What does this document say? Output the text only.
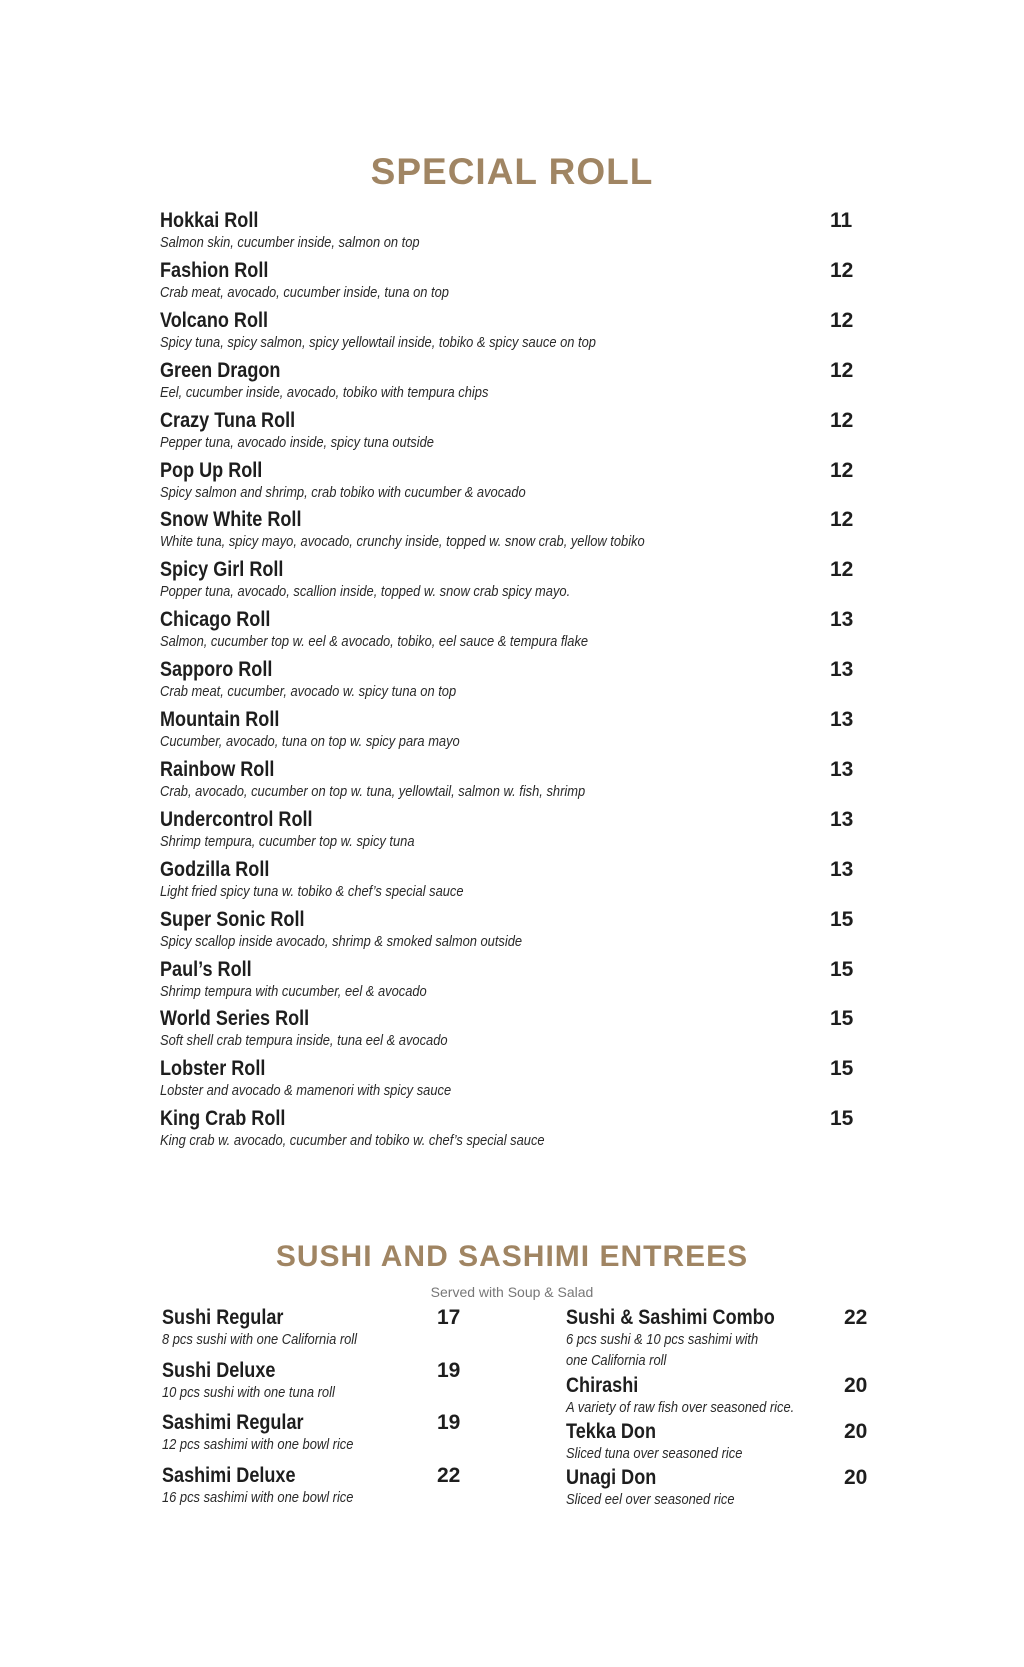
SPECIAL ROLL
Hokkai Roll
Salmon skin, cucumber inside, salmon on top
11
Fashion Roll
Crab meat, avocado, cucumber inside, tuna on top
12
Volcano Roll
Spicy tuna, spicy salmon, spicy yellowtail inside, tobiko & spicy sauce on top
12
Green Dragon
Eel, cucumber inside, avocado, tobiko with tempura chips
12
Crazy Tuna Roll
Pepper tuna, avocado inside, spicy tuna outside
12
Pop Up Roll
Spicy salmon and shrimp, crab tobiko with cucumber & avocado
12
Snow White Roll
White tuna, spicy mayo, avocado, crunchy inside, topped w. snow crab, yellow tobiko
12
Spicy Girl Roll
Popper tuna, avocado, scallion inside, topped w. snow crab spicy mayo.
12
Chicago Roll
Salmon, cucumber top w. eel & avocado, tobiko, eel sauce & tempura flake
13
Sapporo Roll
Crab meat, cucumber, avocado w. spicy tuna on top
13
Mountain Roll
Cucumber, avocado, tuna on top w. spicy para mayo
13
Rainbow Roll
Crab, avocado, cucumber on top w. tuna, yellowtail, salmon w. fish, shrimp
13
Undercontrol Roll
Shrimp tempura, cucumber top w. spicy tuna
13
Godzilla Roll
Light fried spicy tuna w. tobiko & chef’s special sauce
13
Super Sonic Roll
Spicy scallop inside avocado, shrimp & smoked salmon outside
15
Paul’s Roll
Shrimp tempura with cucumber, eel & avocado
15
World Series Roll
Soft shell crab tempura inside, tuna eel & avocado
15
Lobster Roll
Lobster and avocado & mamenori with spicy sauce
15
King Crab Roll
King crab w. avocado, cucumber and tobiko w. chef’s special sauce
15
SUSHI AND SASHIMI ENTREES
Served with Soup & Salad
Sushi Regular
8 pcs sushi with one California roll
17
Sushi Deluxe
10 pcs sushi with one tuna roll
19
Sashimi Regular
12 pcs sashimi with one bowl rice
19
Sashimi Deluxe
16 pcs sashimi with one bowl rice
22
Sushi & Sashimi Combo
6 pcs sushi & 10 pcs sashimi with
22
one California roll
Chirashi
A variety of raw fish over seasoned rice.
20
Tekka Don
Sliced tuna over seasoned rice
20
Unagi Don
Sliced eel over seasoned rice
20
